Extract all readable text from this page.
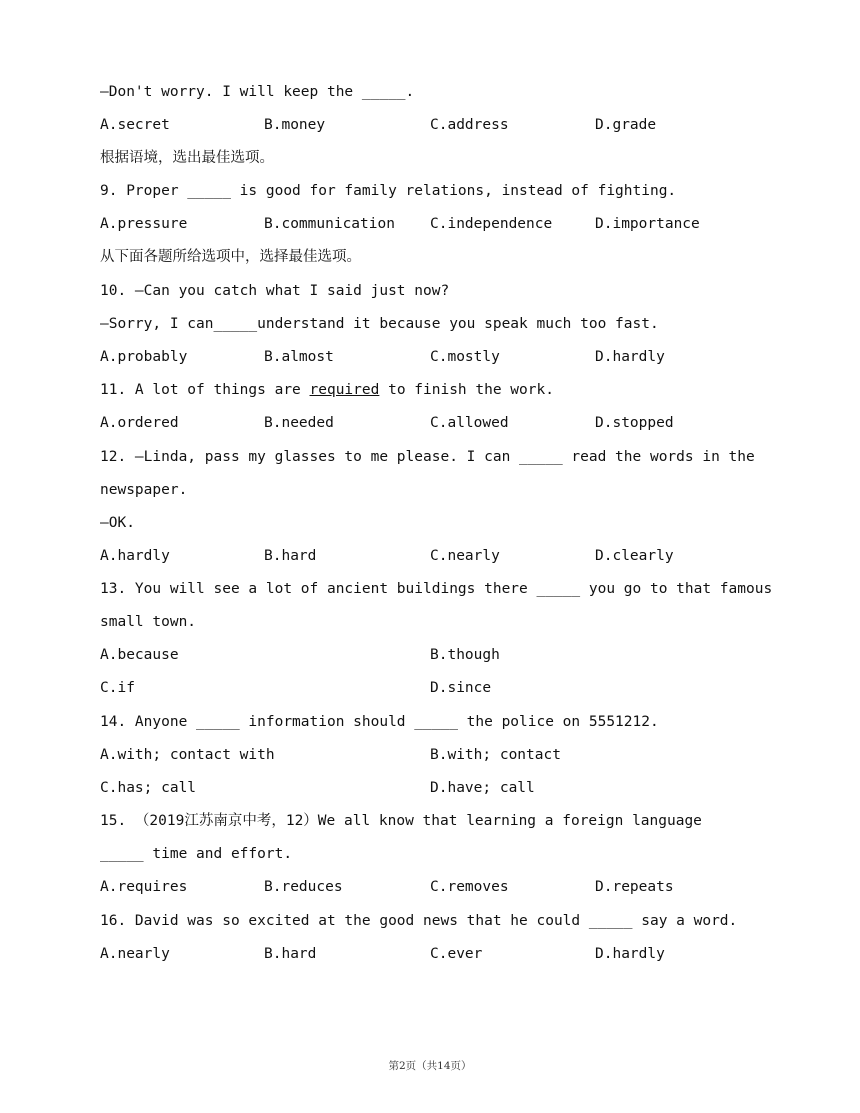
—Don't worry. I will keep the _____.
A.secret	B.money	C.address	D.grade
根据语境，选出最佳选项。
9. Proper _____ is good for family relations, instead of fighting.
A.pressure	B.communication C.independence	D.importance
从下面各题所给选项中，选择最佳选项。
10. —Can you catch what I said just now?
—Sorry, I can_____understand it because you speak much too fast.
A.probably	B.almost	C.mostly	D.hardly
11. A lot of things are required to finish the work.
A.ordered	B.needed	C.allowed	D.stopped
12. —Linda, pass my glasses to me please. I can _____ read the words in the
newspaper.
—OK.
A.hardly	B.hard	C.nearly	D.clearly
13. You will see a lot of ancient buildings there _____ you go to that famous
small town.
A.because	B.though
C.if	D.since
14. Anyone _____ information should _____ the police on 5551212.
A.with; contact with	B.with; contact
C.has; call	D.have; call
15. （2019江苏南京中考，12）We all know that learning a foreign language
_____ time and effort.
A.requires	B.reduces	C.removes	D.repeats
16. David was so excited at the good news that he could _____ say a word.
A.nearly	B.hard	C.ever	D.hardly
第2页（共14页）
